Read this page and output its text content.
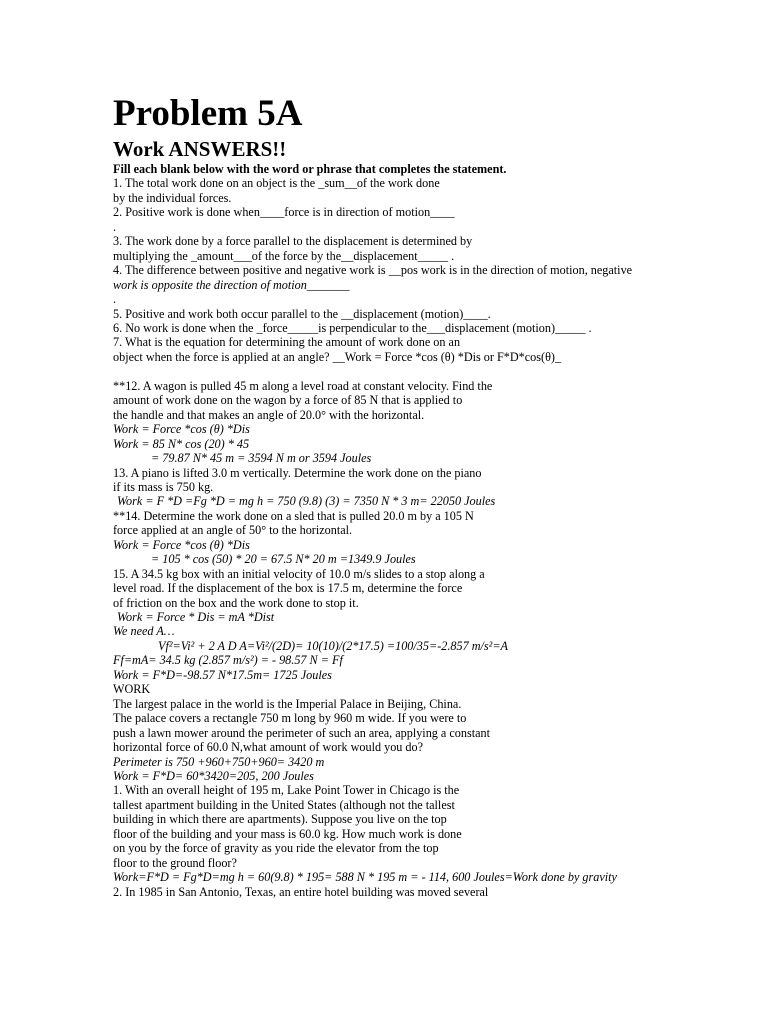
Problem 5A
Work ANSWERS!!
Fill each blank below with the word or phrase that completes the statement.
1. The total work done on an object is the _sum__of the work done
by the individual forces.
2. Positive work is done when____force is in direction of motion____
.
3. The work done by a force parallel to the displacement is determined by
multiplying the _amount___of the force by the__displacement_____ .
4. The difference between positive and negative work is __pos work is in the direction of motion, negative
work is opposite the direction of motion_______
.
5. Positive and work both occur parallel to the __displacement (motion)____.
6. No work is done when the _force_____is perpendicular to the___displacement (motion)_____ .
7. What is the equation for determining the amount of work done on an
object when the force is applied at an angle? __Work = Force *cos (θ) *Dis or F*D*cos(θ)_
**12. A wagon is pulled 45 m along a level road at constant velocity. Find the
amount of work done on the wagon by a force of 85 N that is applied to
the handle and that makes an angle of 20.0° with the horizontal.
Work = Force *cos (θ) *Dis
Work = 85 N* cos (20) * 45
= 79.87 N* 45 m = 3594 N m or 3594 Joules
13. A piano is lifted 3.0 m vertically. Determine the work done on the piano
if its mass is 750 kg.
Work = F *D =Fg *D = mg h = 750 (9.8) (3) = 7350 N * 3 m= 22050 Joules
**14. Determine the work done on a sled that is pulled 20.0 m by a 105 N
force applied at an angle of 50° to the horizontal.
Work = Force *cos (θ) *Dis
= 105 * cos (50) * 20 = 67.5 N* 20 m =1349.9 Joules
15. A 34.5 kg box with an initial velocity of 10.0 m/s slides to a stop along a
level road. If the displacement of the box is 17.5 m, determine the force
of friction on the box and the work done to stop it.
Work = Force * Dis = mA *Dist
We need A…
Vf²=Vi² + 2 A D A=Vi²/(2D)= 10(10)/(2*17.5) =100/35=-2.857 m/s²=A
Ff=mA= 34.5 kg (2.857 m/s²) = - 98.57 N = Ff
Work = F*D=-98.57 N*17.5m= 1725 Joules
WORK
The largest palace in the world is the Imperial Palace in Beijing, China.
The palace covers a rectangle 750 m long by 960 m wide. If you were to
push a lawn mower around the perimeter of such an area, applying a constant
horizontal force of 60.0 N,what amount of work would you do?
Perimeter is 750 +960+750+960= 3420 m
Work = F*D= 60*3420=205, 200 Joules
1. With an overall height of 195 m, Lake Point Tower in Chicago is the
tallest apartment building in the United States (although not the tallest
building in which there are apartments). Suppose you live on the top
floor of the building and your mass is 60.0 kg. How much work is done
on you by the force of gravity as you ride the elevator from the top
floor to the ground floor?
Work=F*D = Fg*D=mg h = 60(9.8) * 195= 588 N * 195 m = - 114, 600 Joules=Work done by gravity
2. In 1985 in San Antonio, Texas, an entire hotel building was moved several
